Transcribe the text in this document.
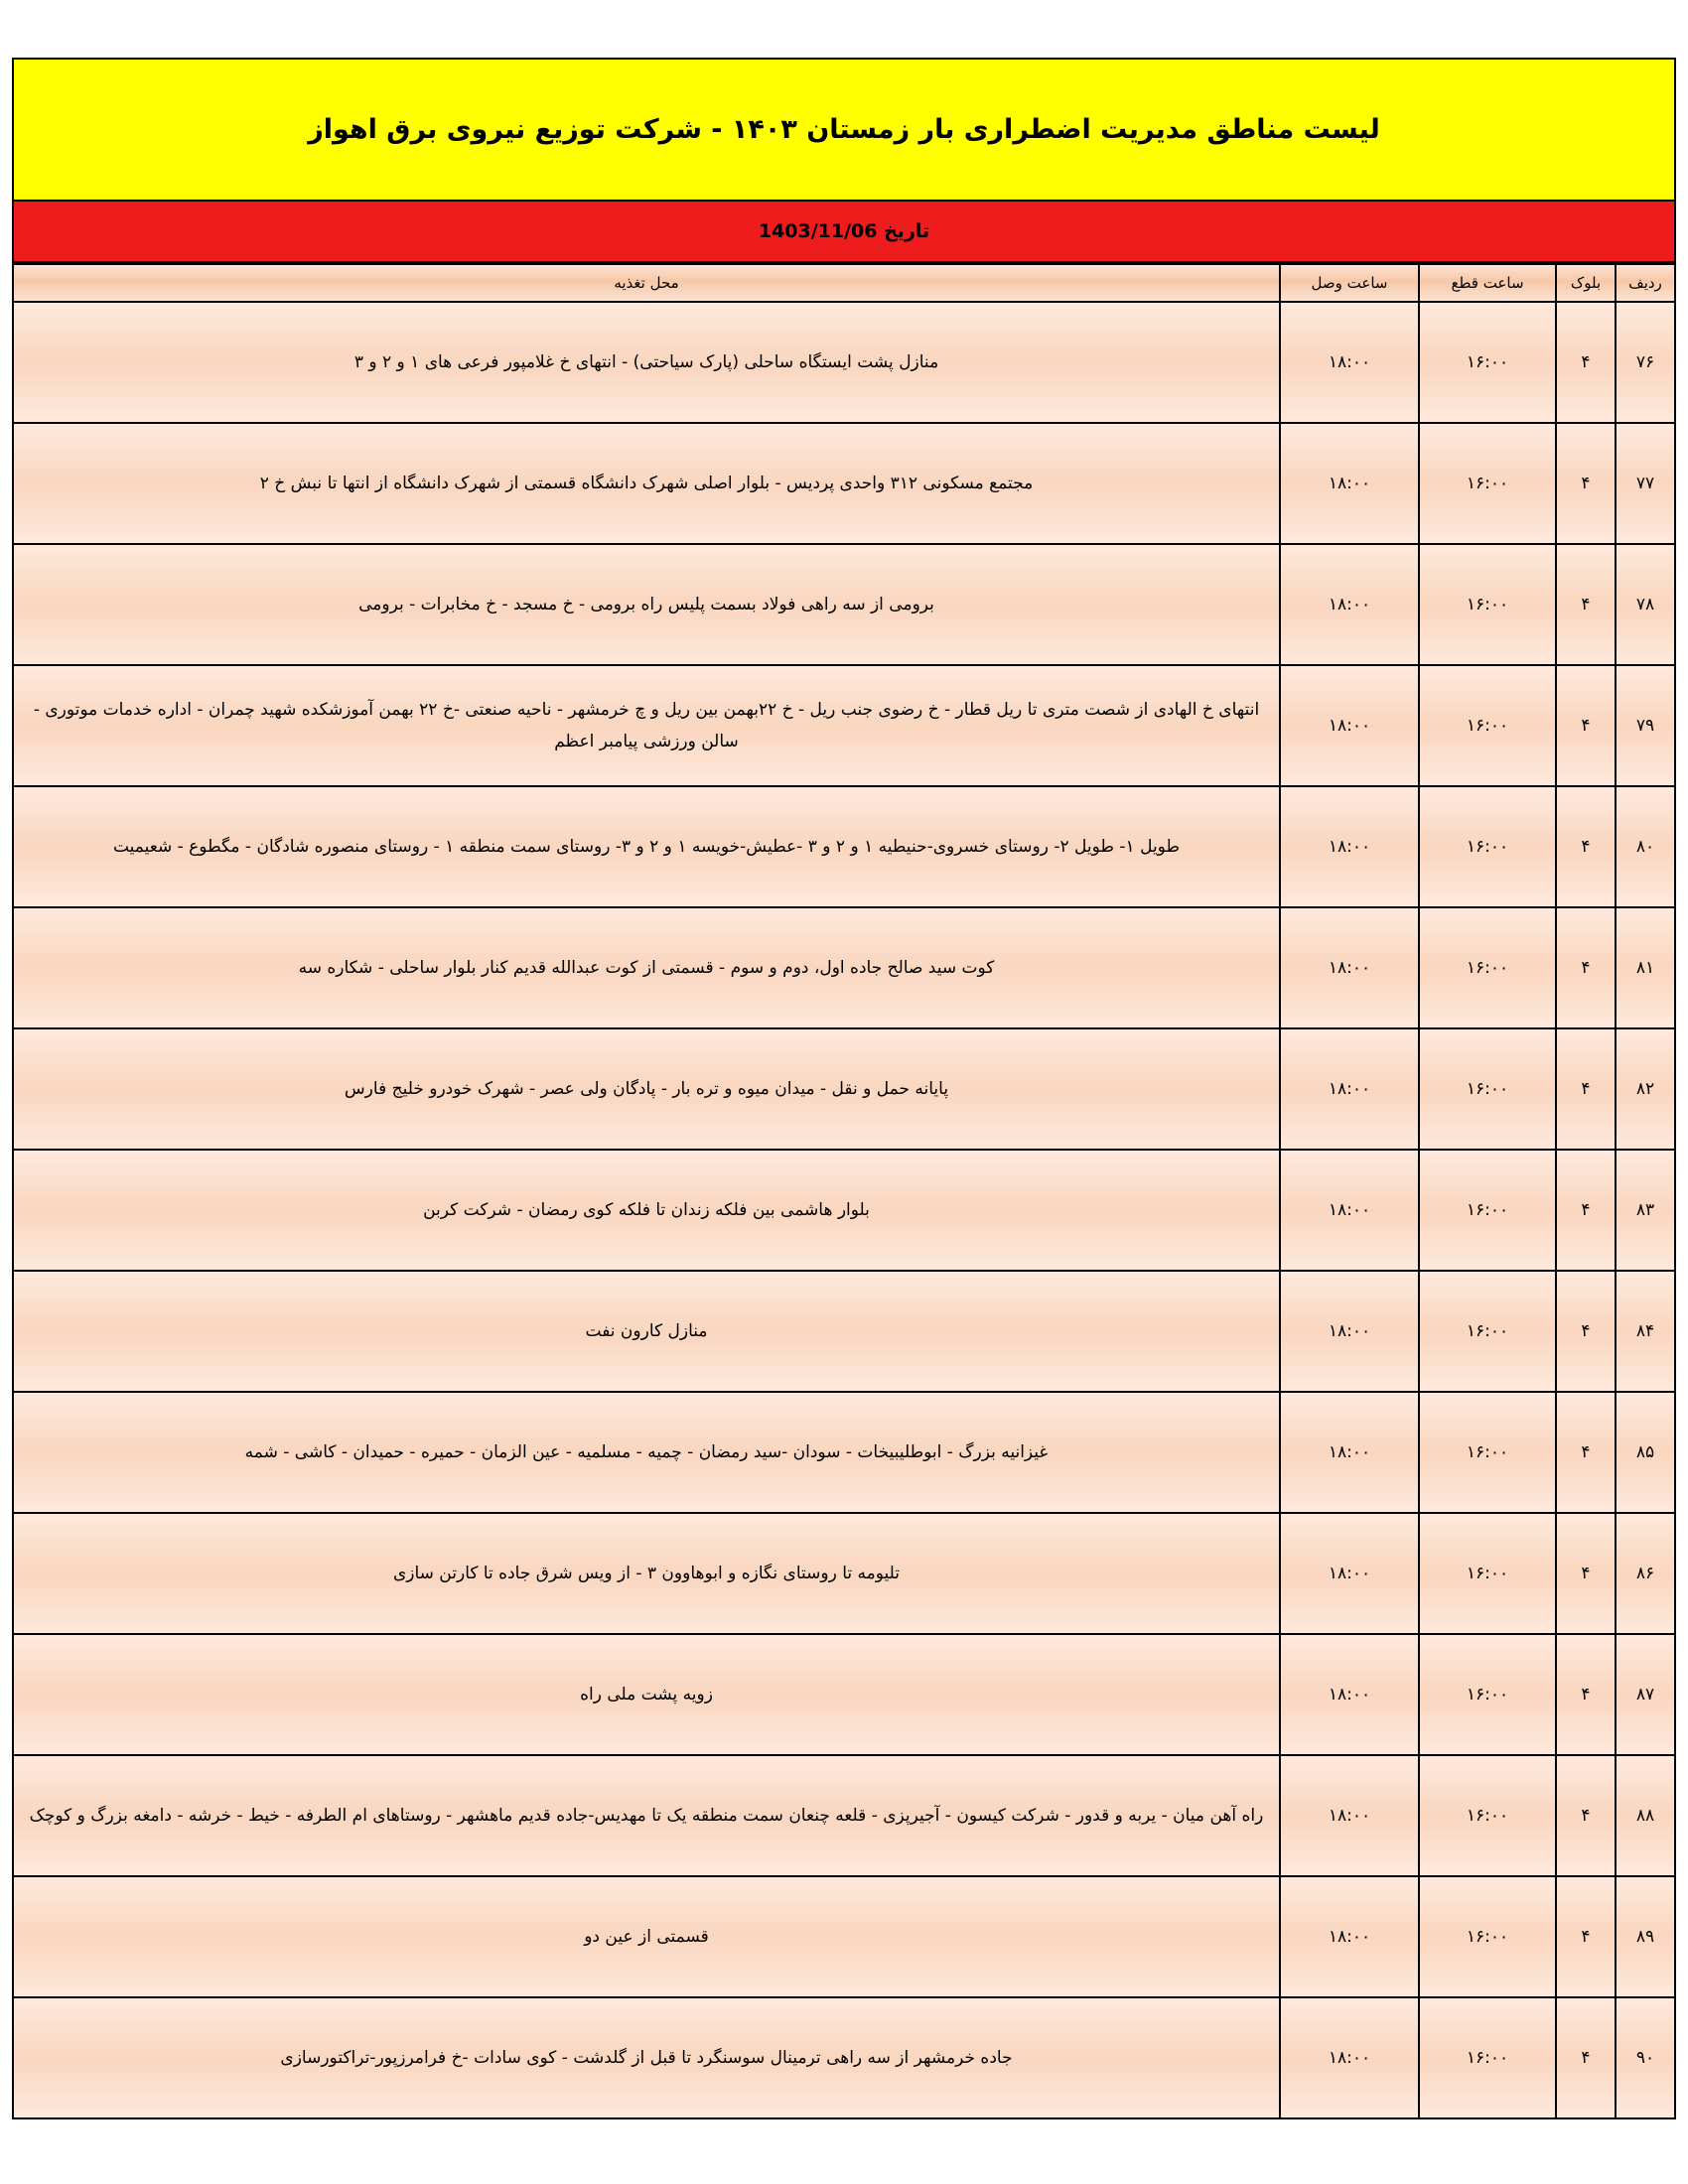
لیست مناطق مدیریت اضطراری بار زمستان ۱۴۰۳ - شرکت توزیع نیروی برق اهواز
تاریخ 1403/11/06
ردیف	بلوک	ساعت قطع	ساعت وصل	محل تغذیه
۷۶	۴	۱۶:۰۰	۱۸:۰۰	منازل پشت ایستگاه ساحلی (پارک سیاحتی) - انتهای خ غلامپور فرعی های ۱ و ۲ و ۳
۷۷	۴	۱۶:۰۰	۱۸:۰۰	مجتمع مسکونی ۳۱۲ واحدی پردیس - بلوار اصلی شهرک دانشگاه قسمتی از شهرک دانشگاه از انتها تا نبش خ ۲
۷۸	۴	۱۶:۰۰	۱۸:۰۰	برومی از سه راهی فولاد بسمت پلیس راه برومی - خ مسجد - خ مخابرات - برومی
۷۹	۴	۱۶:۰۰	۱۸:۰۰	انتهای خ الهادی از شصت متری تا ریل قطار - خ رضوی جنب ریل - خ ۲۲بهمن بین ریل و چ خرمشهر - ناحیه صنعتی -خ ۲۲ بهمن آموزشکده شهید چمران - اداره خدمات موتوری - سالن ورزشی پیامبر اعظم
۸۰	۴	۱۶:۰۰	۱۸:۰۰	طویل ۱- طویل ۲- روستای خسروی-حنیطیه ۱ و ۲ و ۳ -عطیش-خویسه ۱ و ۲ و ۳- روستای سمت منطقه ۱ - روستای منصوره شادگان - مگطوع - شعیمیت
۸۱	۴	۱۶:۰۰	۱۸:۰۰	کوت سید صالح جاده اول، دوم و سوم - قسمتی از کوت عبدالله قدیم کنار بلوار ساحلی - شکاره سه
۸۲	۴	۱۶:۰۰	۱۸:۰۰	پایانه حمل و نقل - میدان میوه و تره بار - پادگان ولی عصر - شهرک خودرو خلیج فارس
۸۳	۴	۱۶:۰۰	۱۸:۰۰	بلوار هاشمی بین فلکه زندان تا فلکه کوی رمضان - شرکت کربن
۸۴	۴	۱۶:۰۰	۱۸:۰۰	منازل کارون نفت
۸۵	۴	۱۶:۰۰	۱۸:۰۰	غیزانیه بزرگ - ابوطلیبیخات - سودان -سید رمضان - چمیه - مسلمیه - عین الزمان - حمیره - حمیدان - کاشی - شمه
۸۶	۴	۱۶:۰۰	۱۸:۰۰	تلیومه تا روستای نگازه و ابوهاوون ۳ - از ویس شرق جاده تا کارتن سازی
۸۷	۴	۱۶:۰۰	۱۸:۰۰	زویه پشت ملی راه
۸۸	۴	۱۶:۰۰	۱۸:۰۰	راه آهن میان - یربه و قدور - شرکت کیسون - آجیرپزی - قلعه چنعان سمت منطقه یک تا مهدیس-جاده قدیم ماهشهر - روستاهای ام الطرفه - خیط - خرشه - دامغه بزرگ و کوچک
۸۹	۴	۱۶:۰۰	۱۸:۰۰	قسمتی از عین دو
۹۰	۴	۱۶:۰۰	۱۸:۰۰	جاده خرمشهر از سه راهی ترمینال سوسنگرد تا قبل از گلدشت - کوی سادات -خ فرامرزپور-تراکتورسازی
